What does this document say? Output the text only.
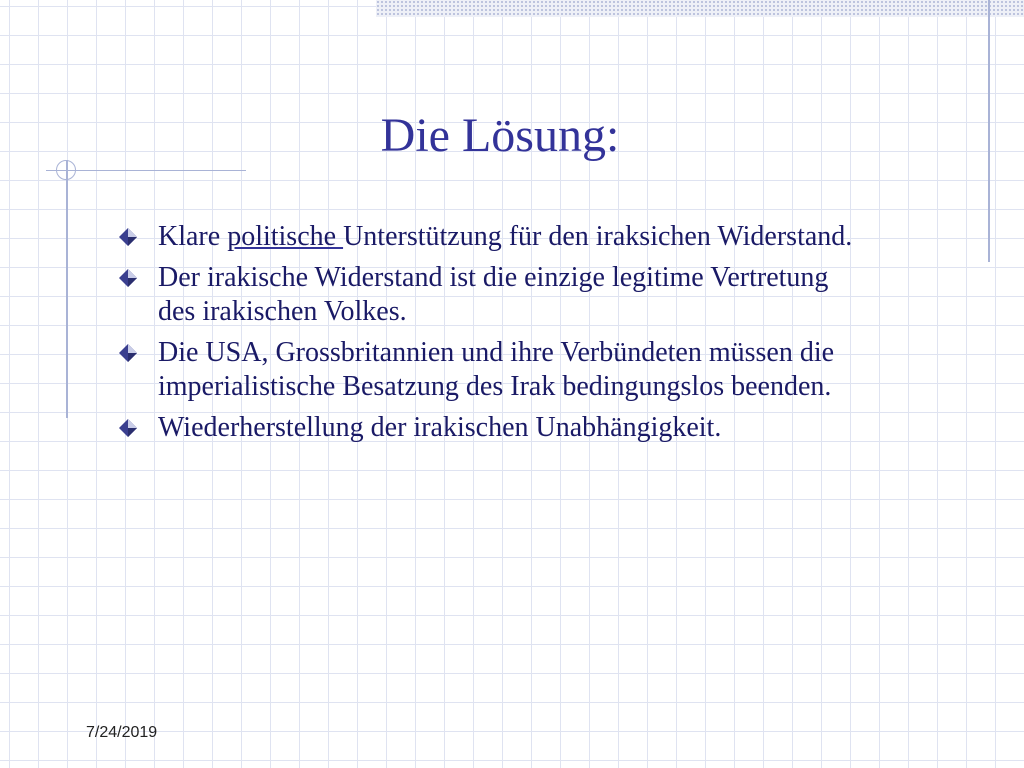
Die Lösung:
Klare politische Unterstützung für den iraksichen Widerstand.
Der irakische Widerstand ist die einzige legitime Vertretung des irakischen Volkes.
Die USA, Grossbritannien und ihre Verbündeten müssen die imperialistische Besatzung des Irak bedingungslos beenden.
Wiederherstellung der irakischen Unabhängigkeit.
7/24/2019
